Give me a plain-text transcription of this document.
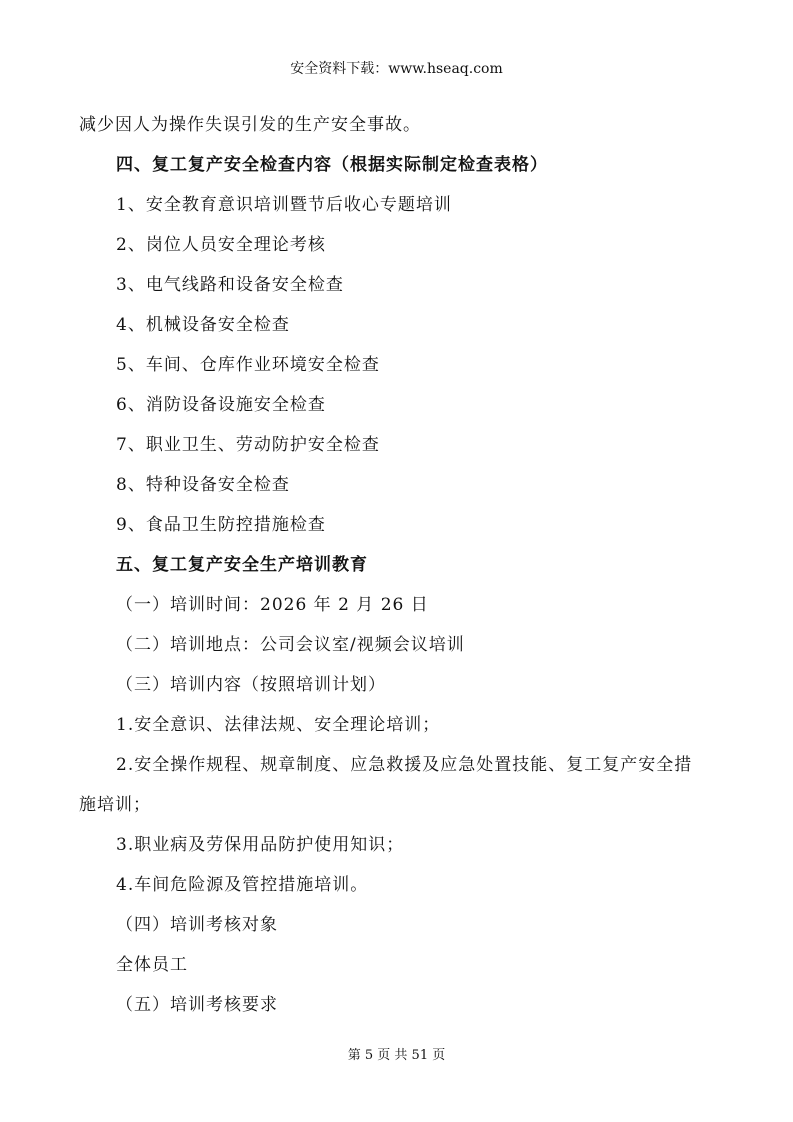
安全资料下载：www.hseaq.com
减少因人为操作失误引发的生产安全事故。
四、复工复产安全检查内容（根据实际制定检查表格）
1、安全教育意识培训暨节后收心专题培训
2、岗位人员安全理论考核
3、电气线路和设备安全检查
4、机械设备安全检查
5、车间、仓库作业环境安全检查
6、消防设备设施安全检查
7、职业卫生、劳动防护安全检查
8、特种设备安全检查
9、食品卫生防控措施检查
五、复工复产安全生产培训教育
（一）培训时间：2026 年 2 月 26 日
（二）培训地点：公司会议室/视频会议培训
（三）培训内容（按照培训计划）
1.安全意识、法律法规、安全理论培训；
2.安全操作规程、规章制度、应急救援及应急处置技能、复工复产安全措
施培训；
3.职业病及劳保用品防护使用知识；
4.车间危险源及管控措施培训。
（四）培训考核对象
全体员工
（五）培训考核要求
第 5 页 共 51 页
